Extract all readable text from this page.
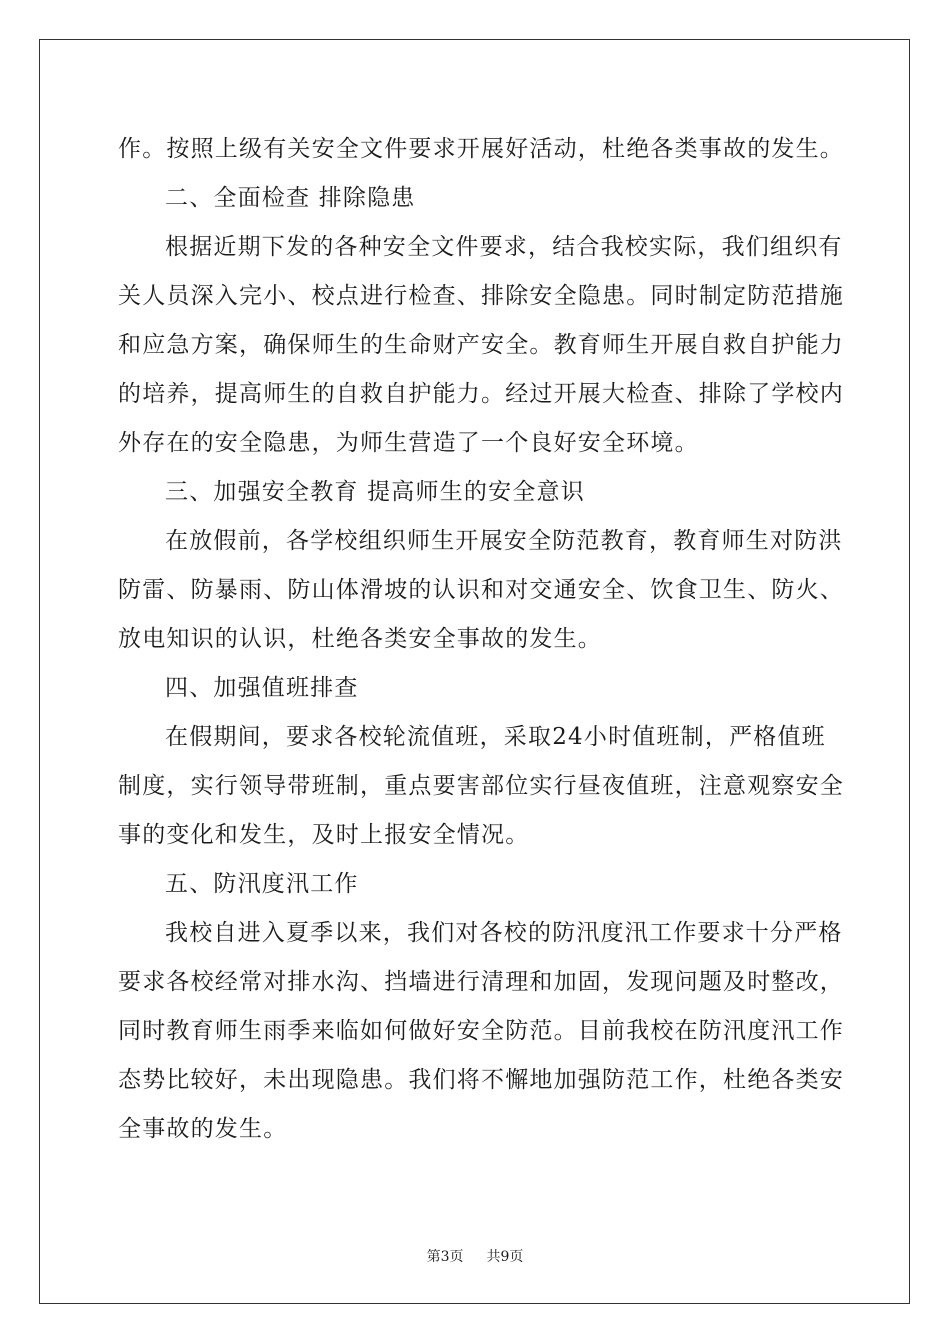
作。按照上级有关安全文件要求开展好活动，杜绝各类事故的发生。
二、全面检查 排除隐患
根据近期下发的各种安全文件要求，结合我校实际，我们组织有
关人员深入完小、校点进行检查、排除安全隐患。同时制定防范措施
和应急方案，确保师生的生命财产安全。教育师生开展自救自护能力
的培养，提高师生的自救自护能力。经过开展大检查、排除了学校内
外存在的安全隐患，为师生营造了一个良好安全环境。
三、加强安全教育 提高师生的安全意识
在放假前，各学校组织师生开展安全防范教育，教育师生对防洪
防雷、防暴雨、防山体滑坡的认识和对交通安全、饮食卫生、防火、
放电知识的认识，杜绝各类安全事故的发生。
四、加强值班排查
在假期间，要求各校轮流值班，采取24小时值班制，严格值班
制度，实行领导带班制，重点要害部位实行昼夜值班，注意观察安全
事的变化和发生，及时上报安全情况。
五、防汛度汛工作
我校自进入夏季以来，我们对各校的防汛度汛工作要求十分严格
要求各校经常对排水沟、挡墙进行清理和加固，发现问题及时整改，
同时教育师生雨季来临如何做好安全防范。目前我校在防汛度汛工作
态势比较好，未出现隐患。我们将不懈地加强防范工作，杜绝各类安
全事故的发生。
第3页 共9页
